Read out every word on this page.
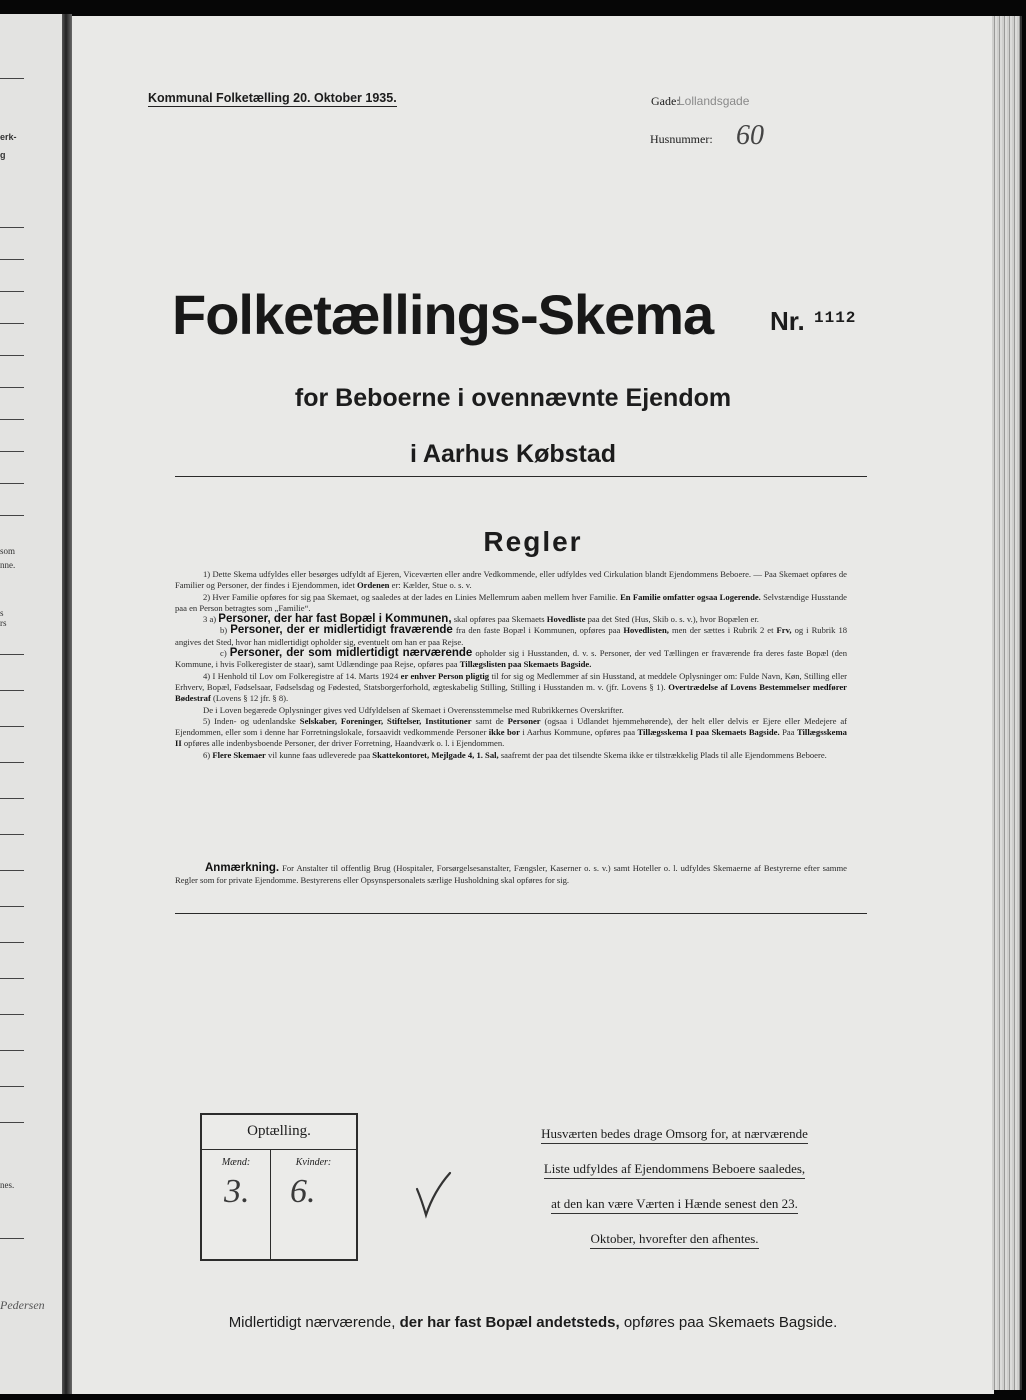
erk-
g
som
nne.
s
rs
nes.
Pedersen
Kommunal Folketælling 20. Oktober 1935.	Gade:
Lollandsgade
Husnummer: 60
Folketællings-Skema Nr. 1112
for Beboerne i ovennævnte Ejendom
i Aarhus Købstad
Regler

1) Dette Skema udfyldes eller besørges udfyldt af Ejeren, Viceværten eller andre Vedkommende, eller udfyldes ved Cirkulation blandt Ejendommens Beboere. — Paa Skemaet opføres de Familier og Personer, der findes i Ejendommen, idet Ordenen er: Kælder, Stue o. s. v.

2) Hver Familie opføres for sig paa Skemaet, og saaledes at der lades en Linies Mellemrum aaben mellem hver Familie. En Familie omfatter ogsaa Logerende. Selvstændige Husstande paa en Person betragtes som „Familie“.

3 a) Personer, der har fast Bopæl i Kommunen, skal opføres paa Skemaets Hovedliste paa det Sted (Hus, Skib o. s. v.), hvor Bopælen er.

b) Personer, der er midlertidigt fraværende fra den faste Bopæl i Kommunen, opføres paa Hovedlisten, men der sættes i Rubrik 2 et Frv, og i Rubrik 18 angives det Sted, hvor han midlertidigt opholder sig, eventuelt om han er paa Rejse.

c) Personer, der som midlertidigt nærværende opholder sig i Husstanden, d. v. s. Personer, der ved Tællingen er fraværende fra deres faste Bopæl (den Kommune, i hvis Folkeregister de staar), samt Udlændinge paa Rejse, opføres paa Tillægslisten paa Skemaets Bagside.

4) I Henhold til Lov om Folkeregistre af 14. Marts 1924 er enhver Person pligtig til for sig og Medlemmer af sin Husstand, at meddele Oplysninger om: Fulde Navn, Køn, Stilling eller Erhverv, Bopæl, Fødselsaar, Fødselsdag og Fødested, Statsborgerforhold, ægteskabelig Stilling, Stilling i Husstanden m. v. (jfr. Lovens § 1). Overtrædelse af Lovens Bestemmelser medfører Bødestraf (Lovens § 12 jfr. § 8).

De i Loven begærede Oplysninger gives ved Udfyldelsen af Skemaet i Overensstemmelse med Rubrikkernes Overskrifter.

5) Inden- og udenlandske Selskaber, Foreninger, Stiftelser, Institutioner samt de Personer (ogsaa i Udlandet hjemmehørende), der helt eller delvis er Ejere eller Medejere af Ejendommen, eller som i denne har Forretningslokale, forsaavidt vedkommende Personer ikke bor i Aarhus Kommune, opføres paa Tillægsskema I paa Skemaets Bagside. Paa Tillægsskema II opføres alle indenbysboende Personer, der driver Forretning, Haandværk o. l. i Ejendommen.

6) Flere Skemaer vil kunne faas udleverede paa Skattekontoret, Mejlgade 4, 1. Sal, saafremt der paa det tilsendte Skema ikke er tilstrækkelig Plads til alle Ejendommens Beboere.

Anmærkning. For Anstalter til offentlig Brug (Hospitaler, Forsørgelsesanstalter, Fængsler, Kaserner o. s. v.) samt Hoteller o. l. udfyldes Skemaerne af Bestyrerne efter samme Regler som for private Ejendomme. Bestyrerens eller Opsynspersonalets særlige Husholdning skal opføres for sig.

Optælling.
Mænd:	Kvinder:
3. 6.
Husværten bedes drage Omsorg for, at nærværende
Liste udfyldes af Ejendommens Beboere saaledes,
at den kan være Værten i Hænde senest den 23.
Oktober, hvorefter den afhentes.
Midlertidigt nærværende, der har fast Bopæl andetsteds, opføres paa Skemaets Bagside.
